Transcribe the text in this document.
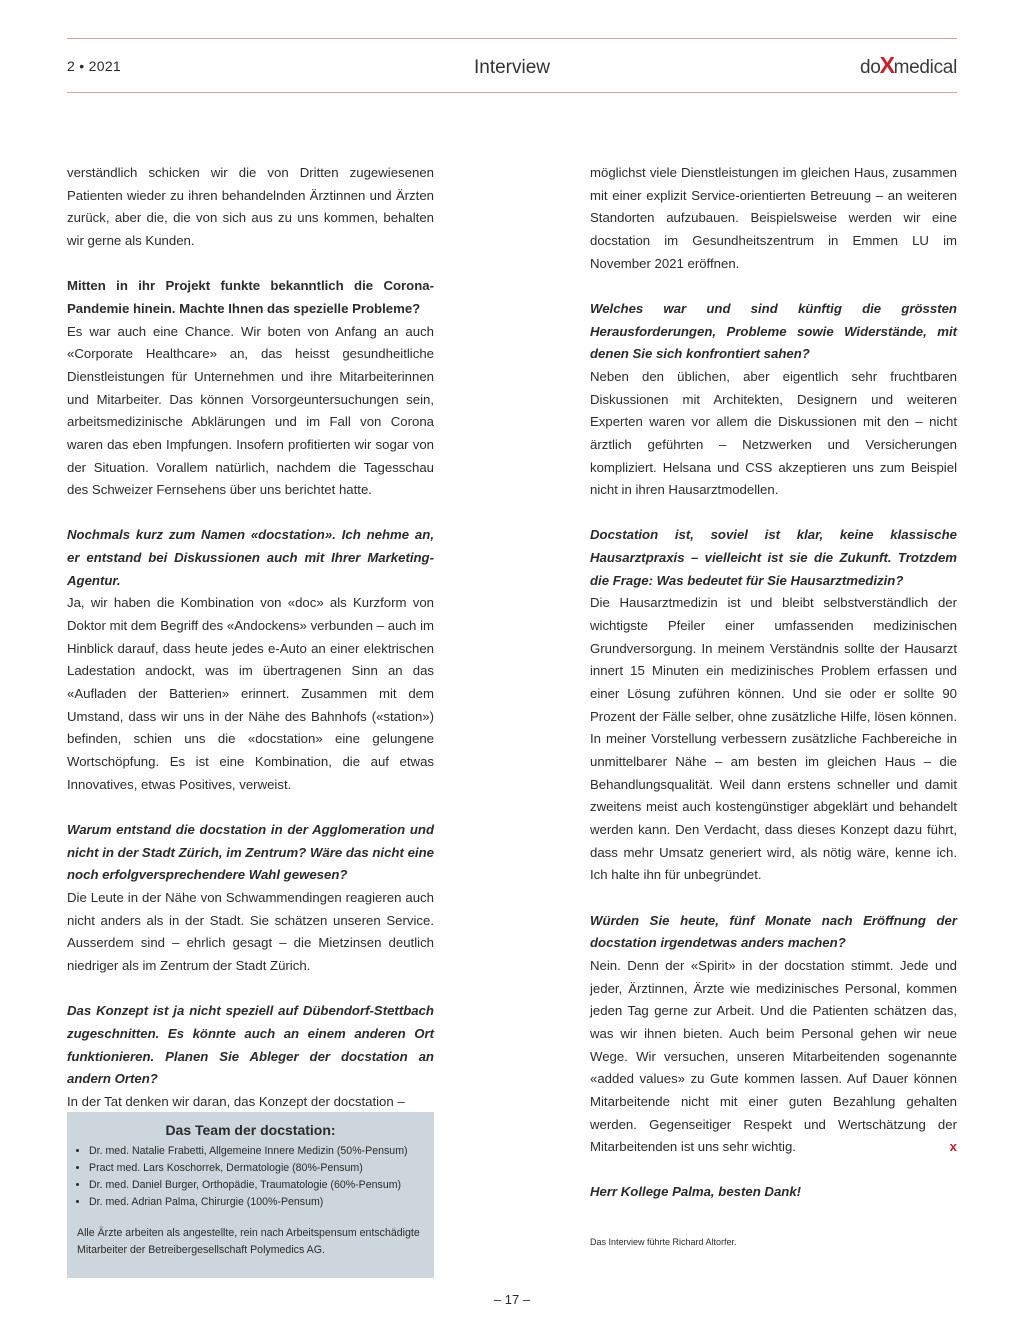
2 • 2021	Interview	doXmedical

verständlich schicken wir die von Dritten zugewiesenen Patienten wieder zu ihren behandelnden Ärztinnen und Ärzten zurück, aber die, die von sich aus zu uns kommen, behalten wir gerne als Kunden.

Mitten in ihr Projekt funkte bekanntlich die Corona-Pandemie hinein. Machte Ihnen das spezielle Probleme?

Es war auch eine Chance. Wir boten von Anfang an auch «Corporate Healthcare» an, das heisst gesundheitliche Dienstleistungen für Unternehmen und ihre Mitarbeiterinnen und Mitarbeiter. Das können Vorsorgeuntersuchungen sein, arbeitsmedizinische Abklärungen und im Fall von Corona waren das eben Impfungen. Insofern profitierten wir sogar von der Situation. Vorallem natürlich, nachdem die Tagesschau des Schweizer Fernsehens über uns berichtet hatte.

Nochmals kurz zum Namen «docstation». Ich nehme an, er entstand bei Diskussionen auch mit Ihrer Marketing-Agentur.

Ja, wir haben die Kombination von «doc» als Kurzform von Doktor mit dem Begriff des «Andockens» verbunden – auch im Hinblick darauf, dass heute jedes e-Auto an einer elektrischen Ladestation andockt, was im übertragenen Sinn an das «Aufladen der Batterien» erinnert. Zusammen mit dem Umstand, dass wir uns in der Nähe des Bahnhofs («station») befinden, schien uns die «docstation» eine gelungene Wortschöpfung. Es ist eine Kombination, die auf etwas Innovatives, etwas Positives, verweist.

Warum entstand die docstation in der Agglomeration und nicht in der Stadt Zürich, im Zentrum? Wäre das nicht eine noch erfolgversprechendere Wahl gewesen?

Die Leute in der Nähe von Schwammendingen reagieren auch nicht anders als in der Stadt. Sie schätzen unseren Service. Ausserdem sind – ehrlich gesagt – die Mietzinsen deutlich niedriger als im Zentrum der Stadt Zürich.

Das Konzept ist ja nicht speziell auf Dübendorf-Stettbach zugeschnitten. Es könnte auch an einem anderen Ort funktionieren. Planen Sie Ableger der docstation an andern Orten?

In der Tat denken wir daran, das Konzept der docstation –

möglichst viele Dienstleistungen im gleichen Haus, zusammen mit einer explizit Service-orientierten Betreuung – an weiteren Standorten aufzubauen. Beispielsweise werden wir eine docstation im Gesundheitszentrum in Emmen LU im November 2021 eröffnen.

Welches war und sind künftig die grössten Herausforderungen, Probleme sowie Widerstände, mit denen Sie sich konfrontiert sahen?

Neben den üblichen, aber eigentlich sehr fruchtbaren Diskussionen mit Architekten, Designern und weiteren Experten waren vor allem die Diskussionen mit den – nicht ärztlich geführten – Netzwerken und Versicherungen kompliziert. Helsana und CSS akzeptieren uns zum Beispiel nicht in ihren Hausarztmodellen.

Docstation ist, soviel ist klar, keine klassische Hausarztpraxis – vielleicht ist sie die Zukunft. Trotzdem die Frage: Was bedeutet für Sie Hausarztmedizin?

Die Hausarztmedizin ist und bleibt selbstverständlich der wichtigste Pfeiler einer umfassenden medizinischen Grundversorgung. In meinem Verständnis sollte der Hausarzt innert 15 Minuten ein medizinisches Problem erfassen und einer Lösung zuführen können. Und sie oder er sollte 90 Prozent der Fälle selber, ohne zusätzliche Hilfe, lösen können. In meiner Vorstellung verbessern zusätzliche Fachbereiche in unmittelbarer Nähe – am besten im gleichen Haus – die Behandlungsqualität. Weil dann erstens schneller und damit zweitens meist auch kostengünstiger abgeklärt und behandelt werden kann. Den Verdacht, dass dieses Konzept dazu führt, dass mehr Umsatz generiert wird, als nötig wäre, kenne ich. Ich halte ihn für unbegründet.

Würden Sie heute, fünf Monate nach Eröffnung der docstation irgendetwas anders machen?

Nein. Denn der «Spirit» in der docstation stimmt. Jede und jeder, Ärztinnen, Ärzte wie medizinisches Personal, kommen jeden Tag gerne zur Arbeit. Und die Patienten schätzen das, was wir ihnen bieten. Auch beim Personal gehen wir neue Wege. Wir versuchen, unseren Mitarbeitenden sogenannte «added values» zu Gute kommen lassen. Auf Dauer können Mitarbeitende nicht mit einer guten Bezahlung gehalten werden. Gegenseitiger Respekt und Wertschätzung der Mitarbeitenden ist uns sehr wichtig.	x

Herr Kollege Palma, besten Dank!

Das Interview führte Richard Altorfer.

Das Team der docstation:
• Dr. med. Natalie Frabetti, Allgemeine Innere Medizin (50%-Pensum)
• Pract med. Lars Koschorrek, Dermatologie (80%-Pensum)
• Dr. med. Daniel Burger, Orthopädie, Traumatologie (60%-Pensum)
• Dr. med. Adrian Palma, Chirurgie (100%-Pensum)
Alle Ärzte arbeiten als angestellte, rein nach Arbeitspensum entschädigte Mitarbeiter der Betreibergesellschaft Polymedics AG.
– 17 –
